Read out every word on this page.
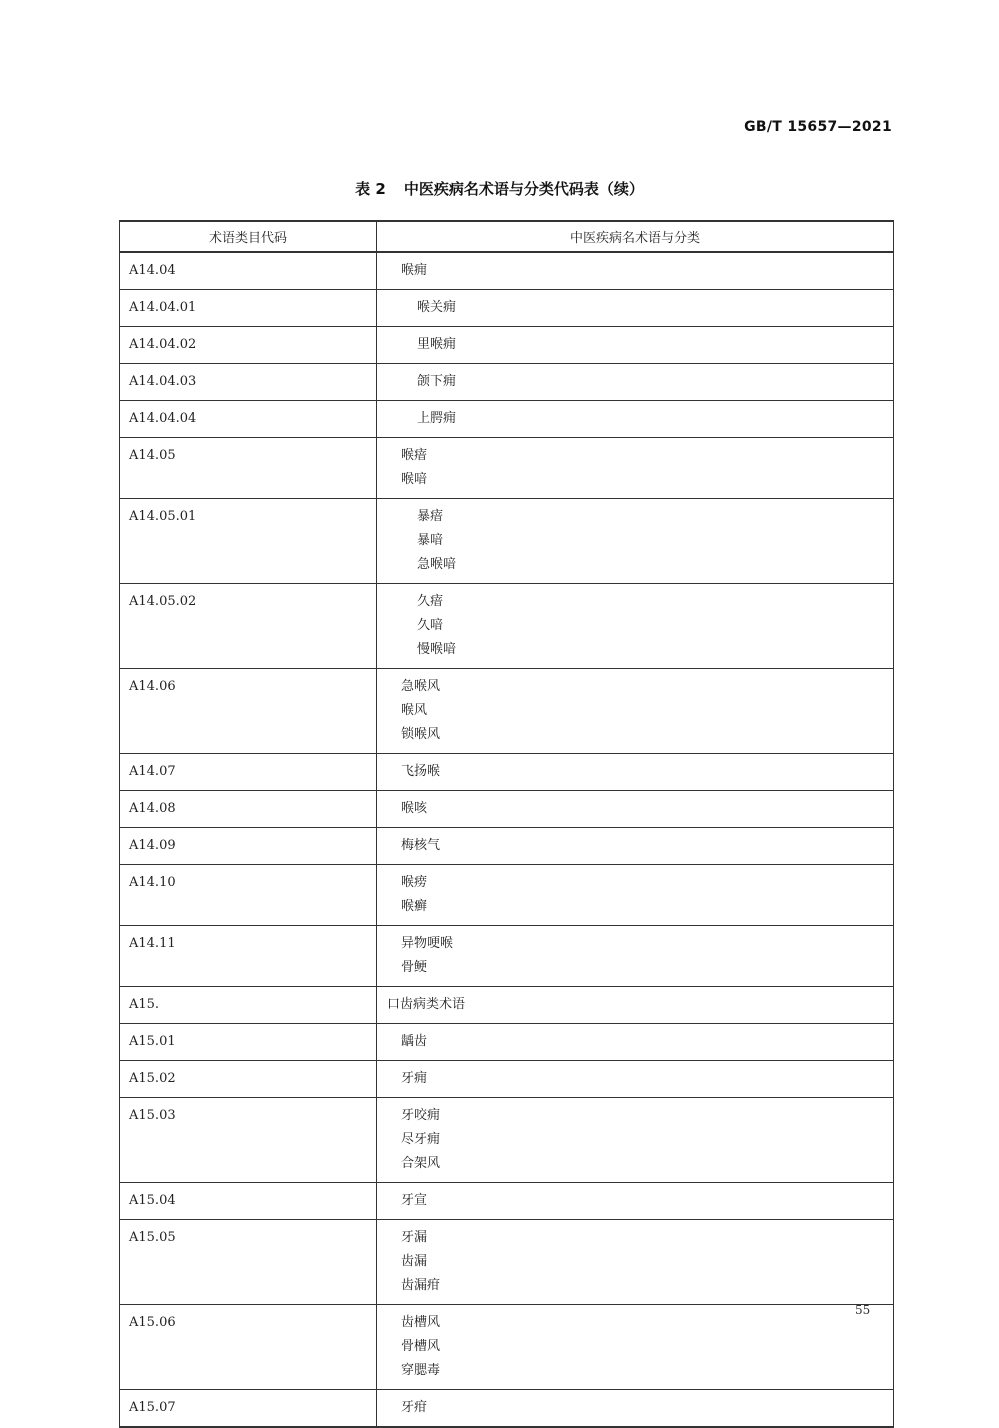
GB/T 15657—2021
表 2 中医疾病名术语与分类代码表（续）
术语类目代码	中医疾病名术语与分类
A14.04	喉痈

A14.04.01	喉关痈

A14.04.02	里喉痈

A14.04.03	颌下痈

A14.04.04	上腭痈

A14.05	喉瘖
喉喑

A14.05.01	暴瘖
暴喑
急喉喑

A14.05.02	久瘖
久喑
慢喉喑

A14.06	急喉风
喉风
锁喉风

A14.07	飞扬喉

A14.08	喉咳

A14.09	梅核气

A14.10	喉痨
喉癣

A14.11	异物哽喉
骨鲠

A15.	口齿病类术语

A15.01	龋齿

A15.02	牙痈

A15.03	牙咬痈
尽牙痈
合架风

A15.04	牙宣

A15.05	牙漏
齿漏
齿漏疳

A15.06	齿槽风
骨槽风
穿腮毒

A15.07	牙疳
55
